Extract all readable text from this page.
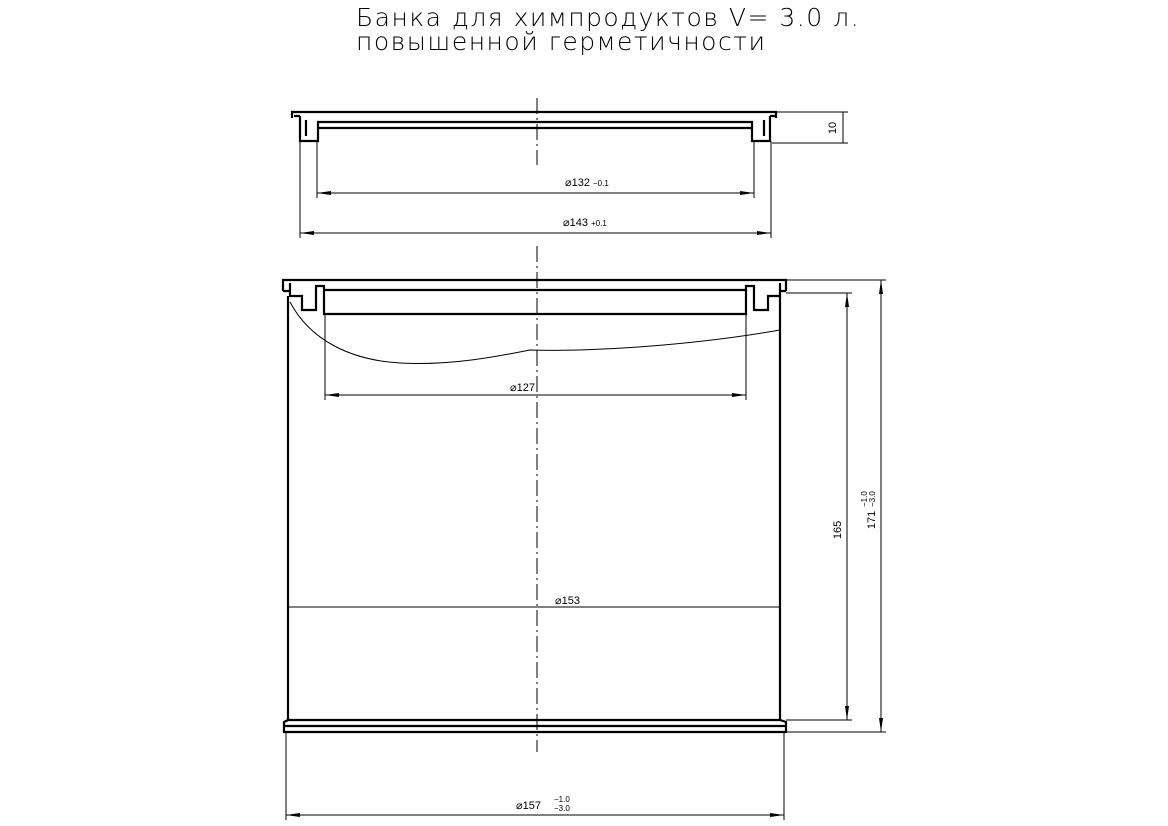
Банка для химпродуктов V= 3.0 л.
повышенной герметичности
10
⌀132 −0.1
⌀143 +0.1
⌀127
⌀153
165
171
−1.0 −3.0
⌀157
−1.0
−3.0
